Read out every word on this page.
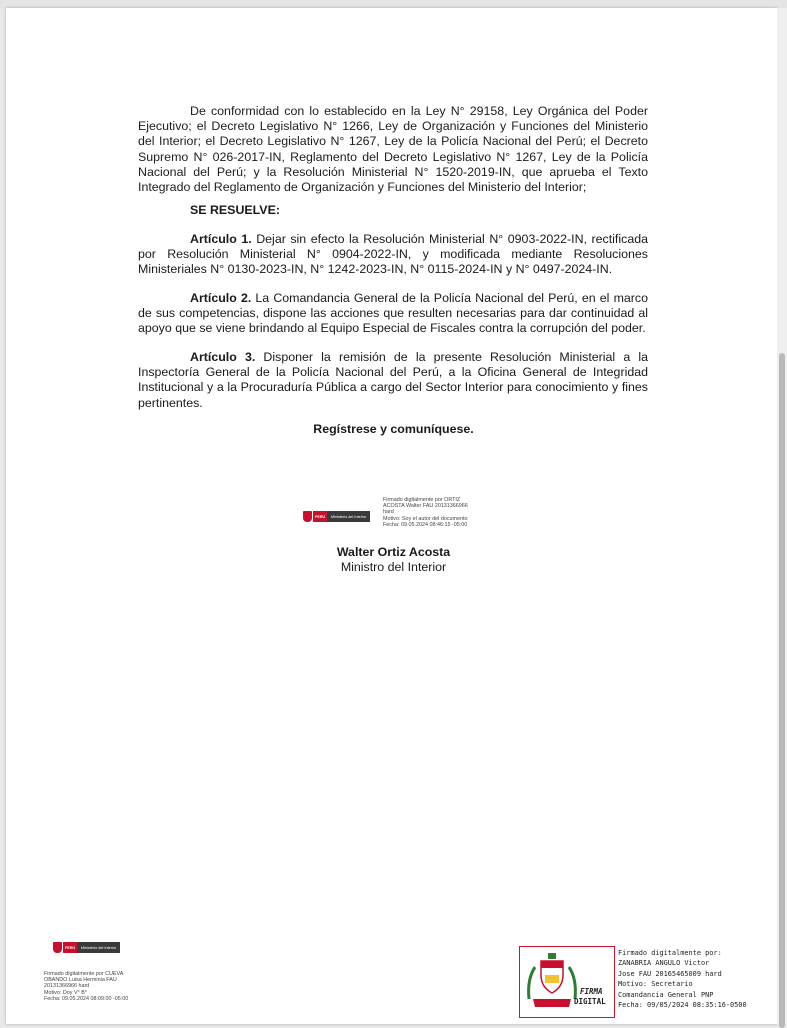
De conformidad con lo establecido en la Ley N° 29158, Ley Orgánica del Poder Ejecutivo; el Decreto Legislativo N° 1266, Ley de Organización y Funciones del Ministerio del Interior; el Decreto Legislativo N° 1267, Ley de la Policía Nacional del Perú; el Decreto Supremo N° 026-2017-IN, Reglamento del Decreto Legislativo N° 1267, Ley de la Policía Nacional del Perú; y la Resolución Ministerial N° 1520-2019-IN, que aprueba el Texto Integrado del Reglamento de Organización y Funciones del Ministerio del Interior;
SE RESUELVE:
Artículo 1. Dejar sin efecto la Resolución Ministerial N° 0903-2022-IN, rectificada por Resolución Ministerial N° 0904-2022-IN, y modificada mediante Resoluciones Ministeriales N° 0130-2023-IN, N° 1242-2023-IN, N° 0115-2024-IN y N° 0497-2024-IN.
Artículo 2. La Comandancia General de la Policía Nacional del Perú, en el marco de sus competencias, dispone las acciones que resulten necesarias para dar continuidad al apoyo que se viene brindando al Equipo Especial de Fiscales contra la corrupción del poder.
Artículo 3. Disponer la remisión de la presente Resolución Ministerial a la Inspectoría General de la Policía Nacional del Perú, a la Oficina General de Integridad Institucional y a la Procuraduría Pública a cargo del Sector Interior para conocimiento y fines pertinentes.
Regístrese y comuníquese.
PERÚ	Ministerio del Interior
Firmado digitalmente por ORTIZ
ACOSTA Walter FAU 20131366966
hard
Motivo: Soy el autor del documento
Fecha: 09.05.2024 08:46:15 -05:00
Walter Ortiz Acosta
Ministro del Interior
PERÚ	Ministerio del Interior
Firmado digitalmente por CUEVA
OBANDO Luisa Herminia FAU
20131366966 hard
Motivo: Doy V° B°
Fecha: 09.05.2024 08:09:00 -05:00
FIRMA
DIGITAL
Firmado digitalmente por:
ZANABRIA ANGULO Victor
Jose FAU 20165465009 hard
Motivo: Secretario
Comandancia General PNP
Fecha: 09/05/2024 08:35:16-0500
